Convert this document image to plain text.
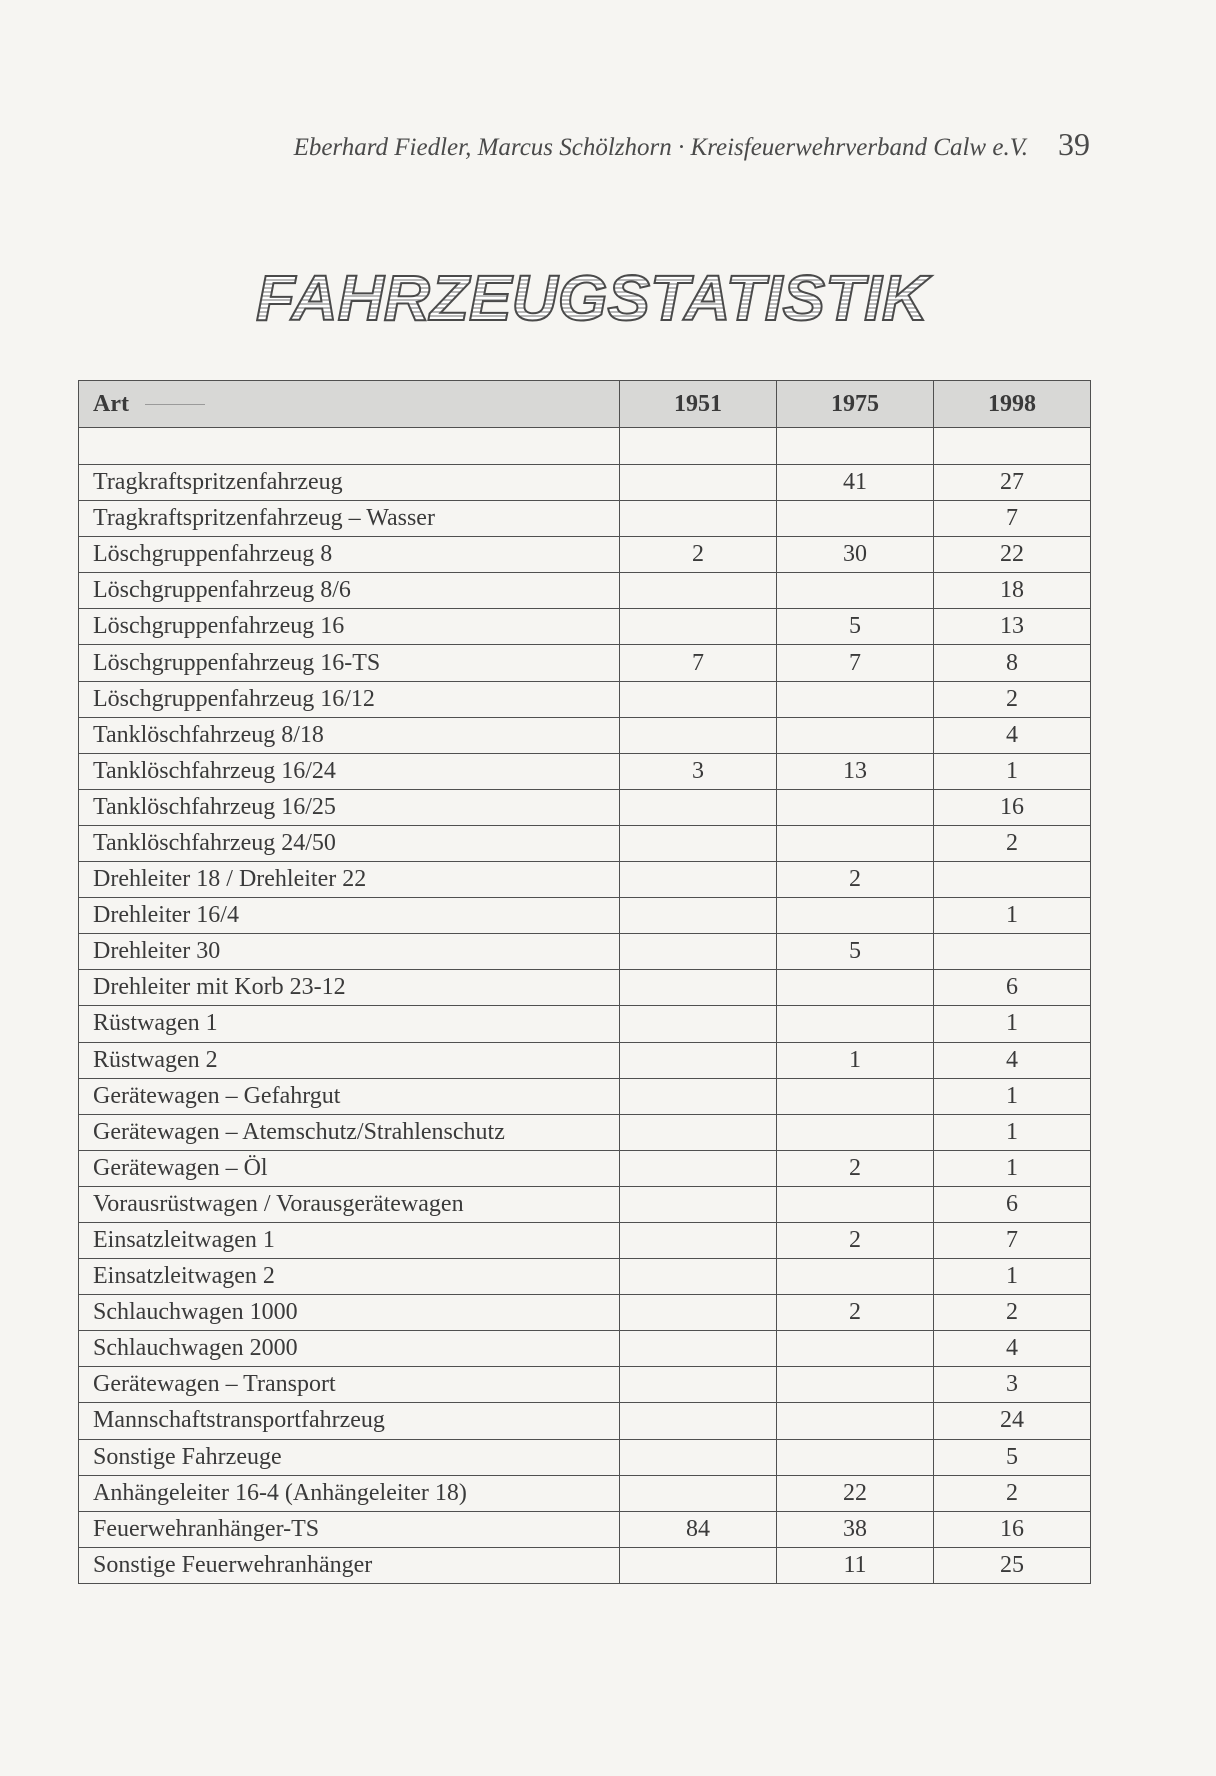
Eberhard Fiedler, Marcus Schölzhorn · Kreisfeuerwehrverband Calw e.V. 39
FAHRZEUGSTATISTIK
Art	1951	1975	1998

Tragkraftspritzenfahrzeug		41	27
Tragkraftspritzenfahrzeug – Wasser			7
Löschgruppenfahrzeug 8	2	30	22
Löschgruppenfahrzeug 8/6			18
Löschgruppenfahrzeug 16		5	13
Löschgruppenfahrzeug 16-TS	7	7	8
Löschgruppenfahrzeug 16/12			2
Tanklöschfahrzeug 8/18			4
Tanklöschfahrzeug 16/24	3	13	1
Tanklöschfahrzeug 16/25			16
Tanklöschfahrzeug 24/50			2
Drehleiter 18 / Drehleiter 22		2	
Drehleiter 16/4			1
Drehleiter 30		5	
Drehleiter mit Korb 23-12			6
Rüstwagen 1			1
Rüstwagen 2		1	4
Gerätewagen – Gefahrgut			1
Gerätewagen – Atemschutz/Strahlenschutz			1
Gerätewagen – Öl		2	1
Vorausrüstwagen / Vorausgerätewagen			6
Einsatzleitwagen 1		2	7
Einsatzleitwagen 2			1
Schlauchwagen 1000		2	2
Schlauchwagen 2000			4
Gerätewagen – Transport			3
Mannschaftstransportfahrzeug			24
Sonstige Fahrzeuge			5
Anhängeleiter 16-4 (Anhängeleiter 18)		22	2
Feuerwehranhänger-TS	84	38	16
Sonstige Feuerwehranhänger		11	25
